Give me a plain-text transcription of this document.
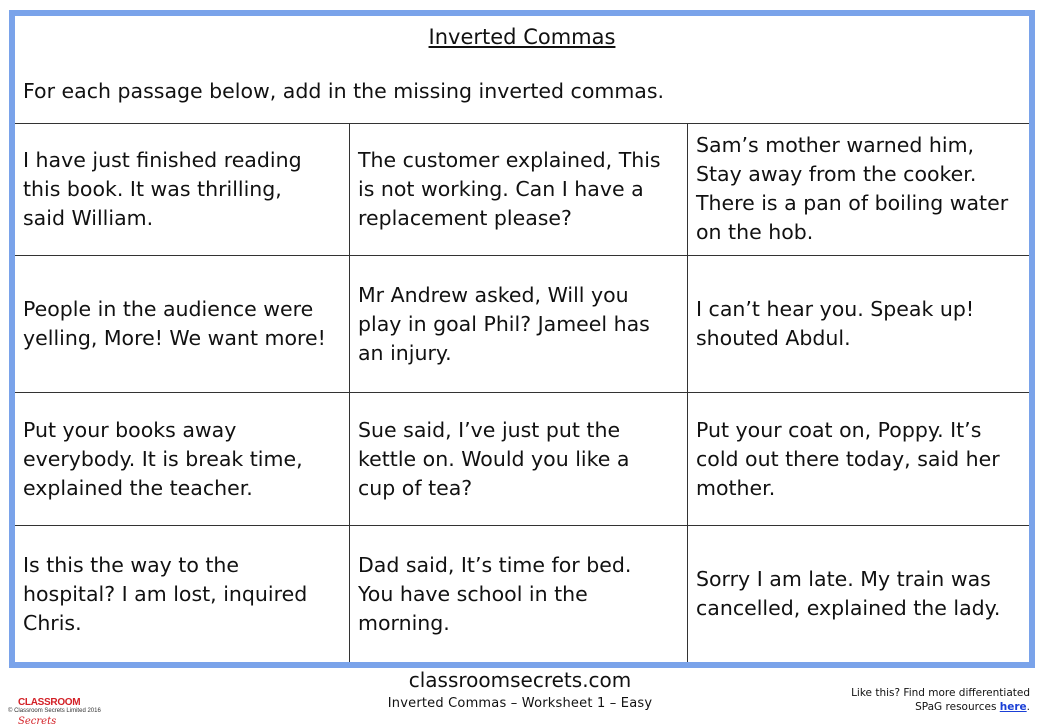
Inverted Commas
For each passage below, add in the missing inverted commas.
I have just finished reading
this book. It was thrilling,
said William.
The customer explained, This
is not working. Can I have a
replacement please?
Sam’s mother warned him,
Stay away from the cooker.
There is a pan of boiling water
on the hob.
People in the audience were
yelling, More! We want more!
Mr Andrew asked, Will you
play in goal Phil? Jameel has
an injury.
I can’t hear you. Speak up!
shouted Abdul.
Put your books away
everybody. It is break time,
explained the teacher.
Sue said, I’ve just put the
kettle on. Would you like a
cup of tea?
Put your coat on, Poppy. It’s
cold out there today, said her
mother.
Is this the way to the
hospital? I am lost, inquired
Chris.
Dad said, It’s time for bed.
You have school in the
morning.
Sorry I am late. My train was
cancelled, explained the lady.
classroomsecrets.com
Inverted Commas – Worksheet 1 – Easy
CLASSROOMSecrets
© Classroom Secrets Limited 2016
Like this? Find more differentiated
SPaG resources here.
